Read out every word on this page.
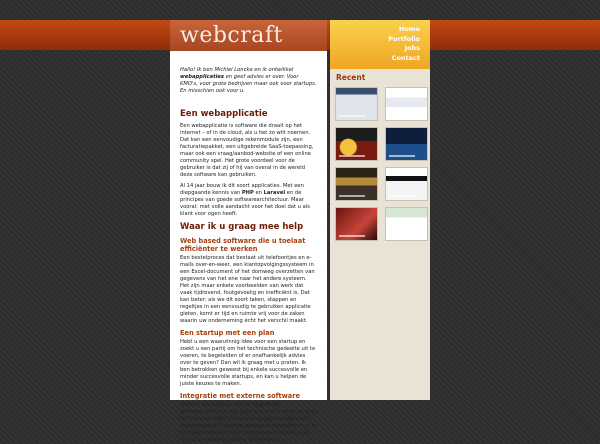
webcraft

Hallo! Ik ben Michiel Loncke en ik ontwikkel webapplicaties en geef advies er over. Voor KMO's, voor grote bedrijven maar ook voor startups. En misschien ook voor u.

Een webapplicatie

Een webapplicatie is software die draait op het internet – of in de cloud, als u het zo wilt noemen. Dat kan een eenvoudige rekenmodule zijn, een facturatiepakket, een uitgebreide SaaS-toepassing, maar ook een vraag/aanbod-website of een online community spel. Het grote voordeel voor de gebruiker is dat zij of hij van overal in de wereld deze software kan gebruiken.

Al 14 jaar bouw ik dit soort applicaties. Met een diepgaande kennis van PHP en Laravel en de principes van goede softwarearchitectuur. Maar vooral: met volle aandacht voor het doel dat u als klant voor ogen heeft.

Waar ik u graag mee help
Web based software die u toelaat efficiënter te werken

Een bestelproces dat bestaat uit telefoontjes en e-mails over-en-weer, een klantopvolgingssysteem in een Excel-document of het domweg overzetten van gegevens van het ene naar het andere systeem. Het zijn maar enkele voorbeelden van werk dat vaak tijdrovend, foutgevoelig en inefficiënt is. Dat kan beter: als we dit soort taken, stappen en regeltjes in een eenvoudig te gebruiken applicatie gieten, komt er tijd en ruimte vrij voor de zaken waarin uw onderneming écht het verschil maakt.

Een startup met een plan

Hebt u een waanzinnig idee voor een startup en zoekt u een partij om het technische gedeelte uit te voeren, te begeleiden of er onafhankelijk advies over te geven? Dan wil ik graag met u praten. Ik ben betrokken geweest bij enkele succesvolle en minder succesvolle startups, en kan u helpen de juiste keuzes te maken.

Integratie met externe software

Wellicht gebruikt uw bedrijf specifieke softwarepakketten die goed zijn in wat ze doen. Die software genereert misschien gegevens die u ook beschikbaar wilt hebben op een ander platform of in een webomgeving. Ik onderzoek samen met u de opties om deze koppeling te realiseren.

Home
Portfolio
Jobs
Contact
Recent
